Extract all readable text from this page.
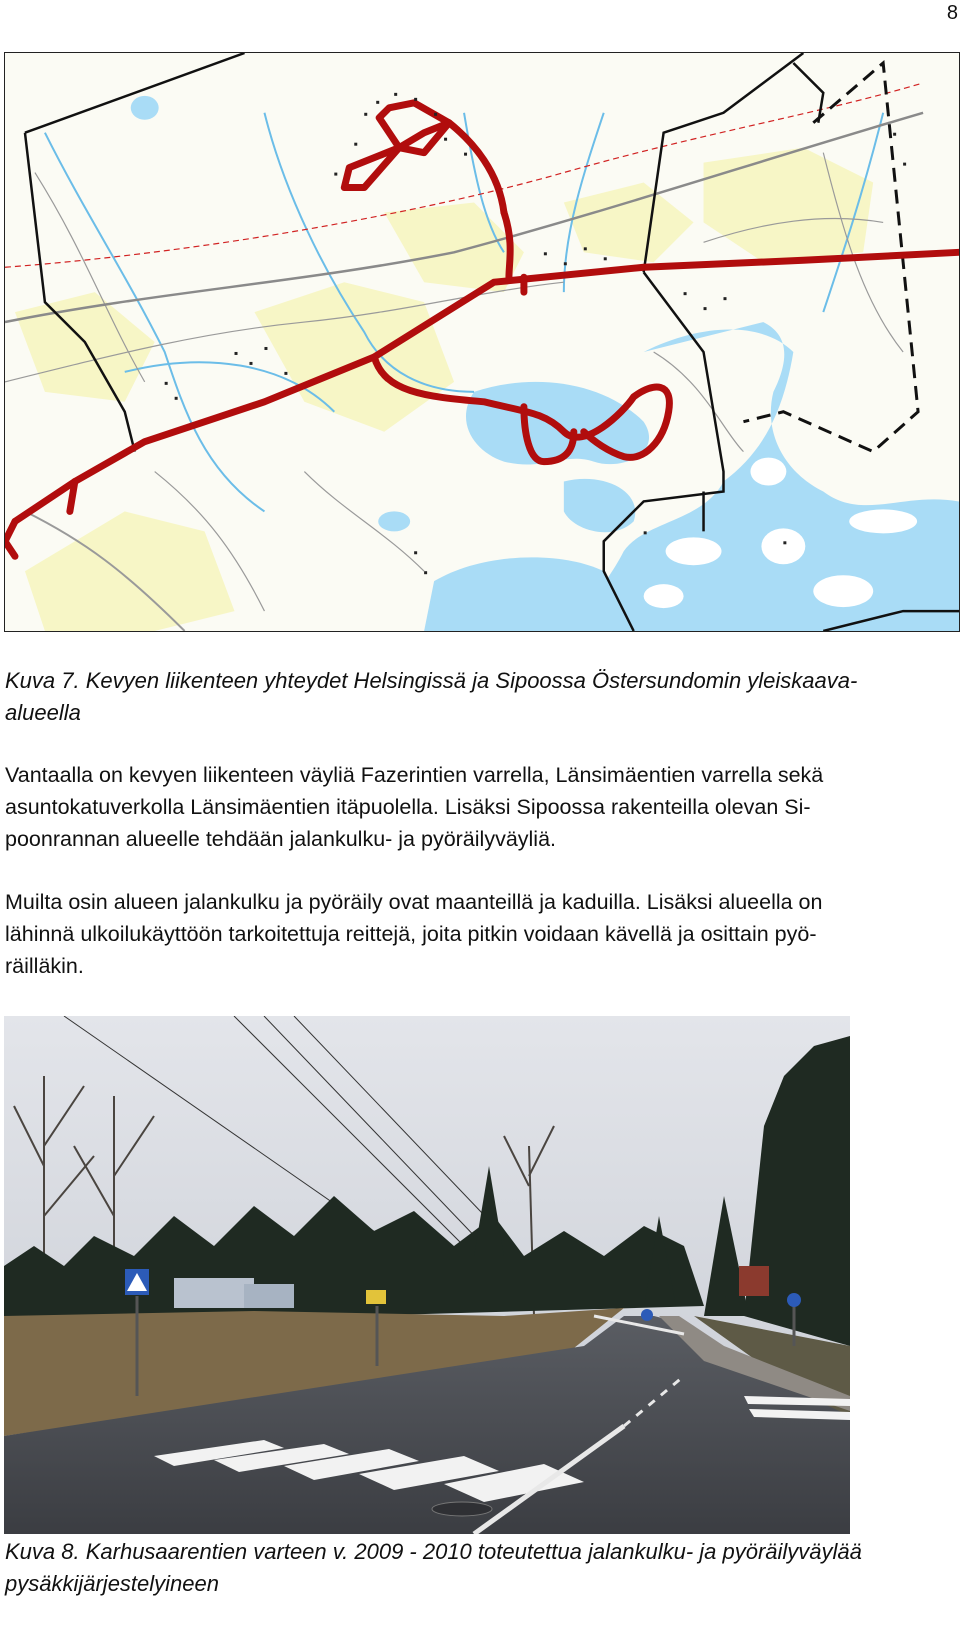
8

Kuva 7. Kevyen liikenteen yhteydet Helsingissä ja Sipoossa Östersundomin yleiskaava-
alueella

Vantaalla on kevyen liikenteen väyliä Fazerintien varrella, Länsimäentien varrella sekä
asuntokatuverkolla Länsimäentien itäpuolella. Lisäksi Sipoossa rakenteilla olevan Si-
poonrannan alueelle tehdään jalankulku- ja pyöräilyväyliä.

Muilta osin alueen jalankulku ja pyöräily ovat maanteillä ja kaduilla. Lisäksi alueella on
lähinnä ulkoilukäyttöön tarkoitettuja reittejä, joita pitkin voidaan kävellä ja osittain pyö-
räilläkin.

Kuva 8. Karhusaarentien varteen v. 2009 - 2010 toteutettua jalankulku- ja pyöräilyväylää
pysäkkijärjestelyineen
